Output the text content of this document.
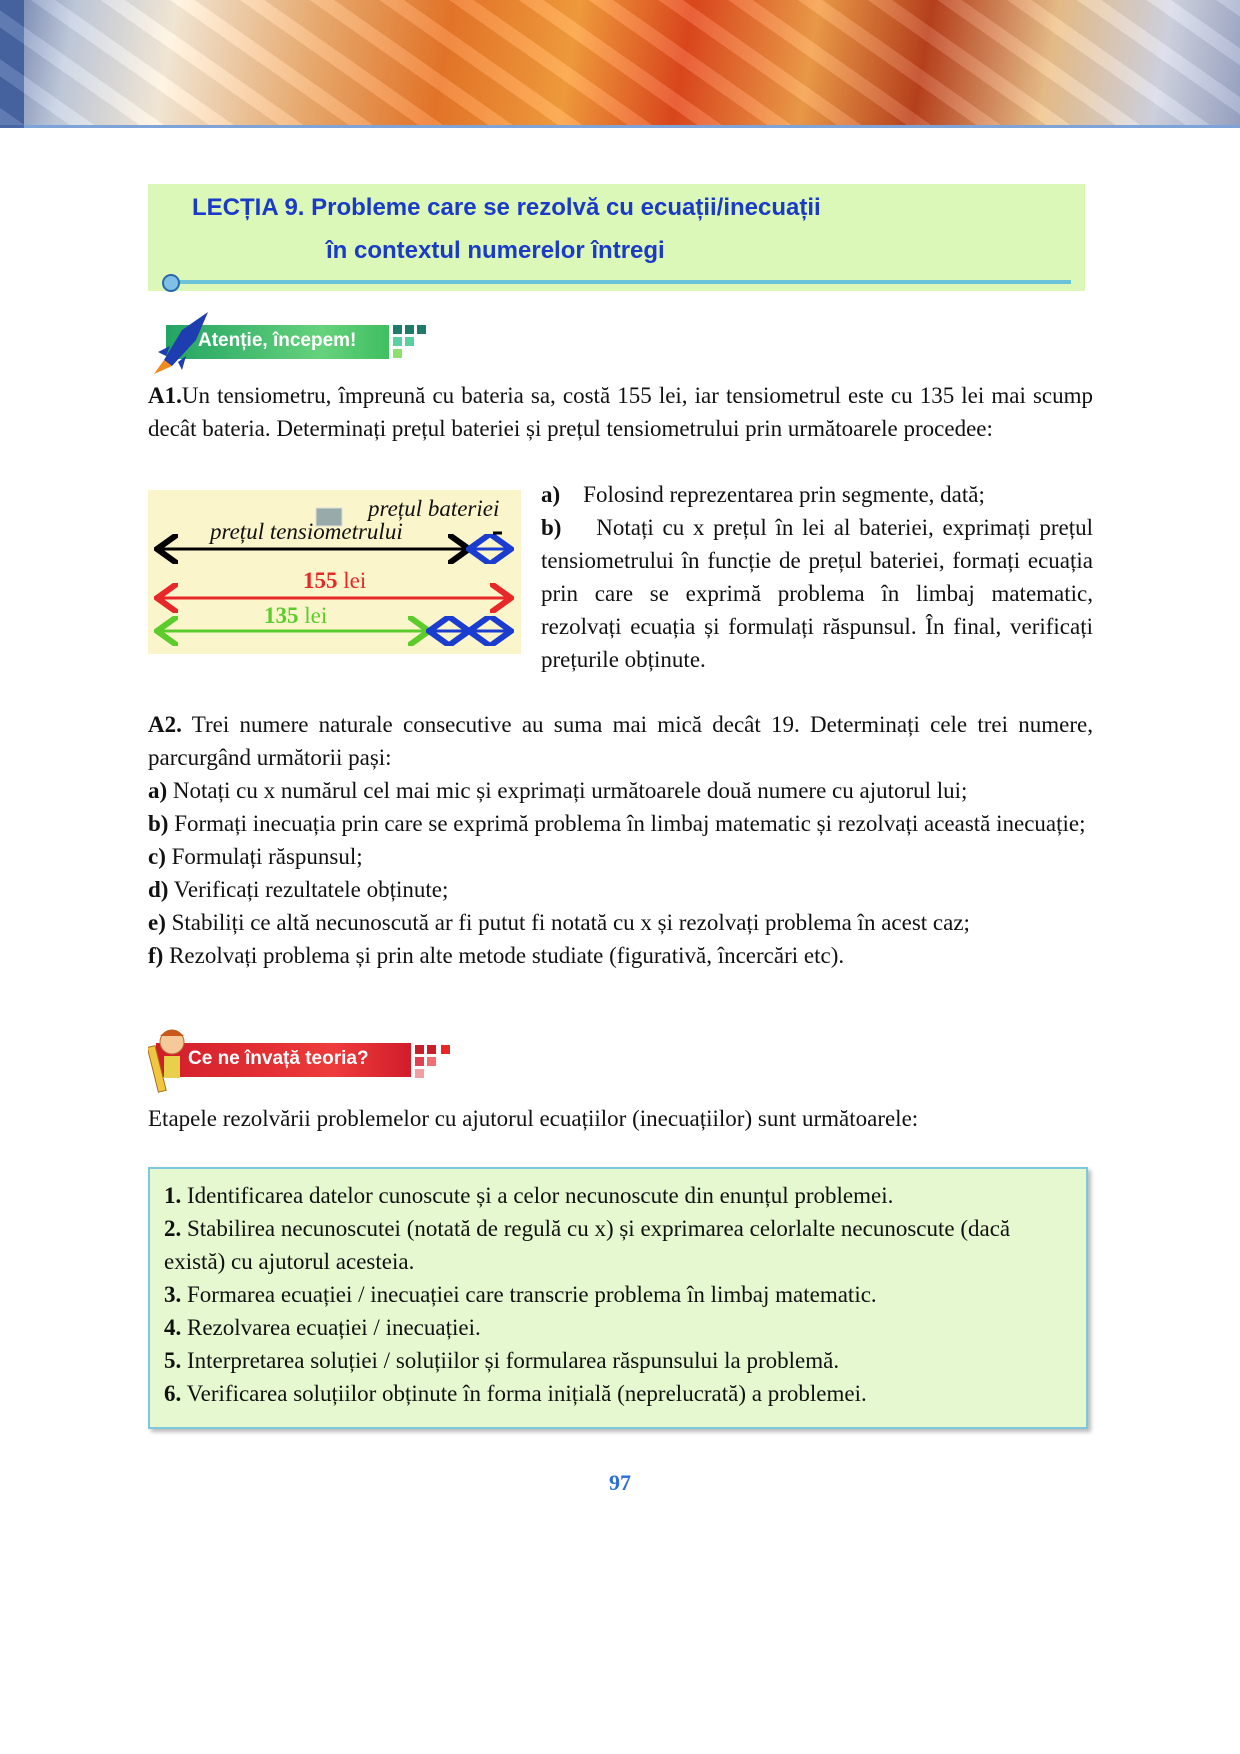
LECȚIA 9. Probleme care se rezolvă cu ecuații/inecuații
în contextul numerelor întregi
Atenție, începem!
A1.Un tensiometru, împreună cu bateria sa, costă 155 lei, iar tensiometrul este cu 135 lei mai scump decât bateria. Determinați prețul bateriei și prețul tensiometrului prin următoarele procedee:
prețul bateriei
prețul tensiometrului
155 lei
135 lei
a) Folosind reprezentarea prin segmente, dată;
b) Notați cu x prețul în lei al bateriei, exprimați prețul tensiometrului în funcție de prețul bateriei, formați ecuația prin care se exprimă problema în limbaj matematic, rezolvați ecuația și formulați răspunsul. În final, verificați prețurile obținute.
A2. Trei numere naturale consecutive au suma mai mică decât 19. Determinați cele trei numere, parcurgând următorii pași:
a) Notați cu x numărul cel mai mic și exprimați următoarele două numere cu ajutorul lui;
b) Formați inecuația prin care se exprimă problema în limbaj matematic și rezolvați această inecuație;
c) Formulați răspunsul;
d) Verificați rezultatele obținute;
e) Stabiliți ce altă necunoscută ar fi putut fi notată cu x și rezolvați problema în acest caz;
f) Rezolvați problema și prin alte metode studiate (figurativă, încercări etc).
Ce ne învață teoria?
Etapele rezolvării problemelor cu ajutorul ecuațiilor (inecuațiilor) sunt următoarele:
1. Identificarea datelor cunoscute și a celor necunoscute din enunțul problemei.
2. Stabilirea necunoscutei (notată de regulă cu x) și exprimarea celorlalte necunoscute (dacă există) cu ajutorul acesteia.
3. Formarea ecuației / inecuației care transcrie problema în limbaj matematic.
4. Rezolvarea ecuației / inecuației.
5. Interpretarea soluției / soluțiilor și formularea răspunsului la problemă.
6. Verificarea soluțiilor obținute în forma inițială (neprelucrată) a problemei.
97
